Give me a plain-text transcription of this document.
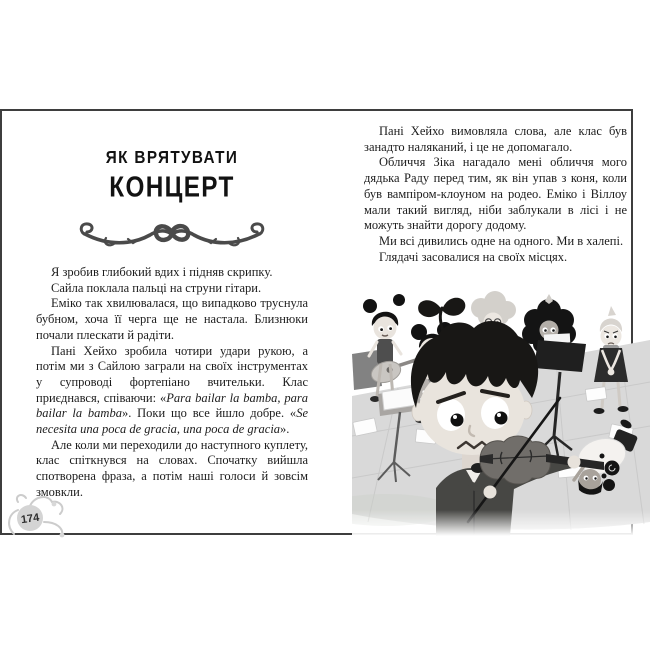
ЯК ВРЯТУВАТИ
КОНЦЕРТ

Я зробив глибокий вдих і підняв скрипку.

Сайла поклала пальці на струни гітари.

Еміко так хвилювалася, що випадково труснула бубном, хоча її черга ще не настала. Близнюки почали плескати й радіти.

Пані Хейхо зробила чотири удари рукою, а потім ми з Сайлою заграли на своїх інструментах у супроводі фортепіано вчительки. Клас приєднався, співаючи: «Para bailar la bamba, para bailar la bamba». Поки що все йшло добре. «Se necesita una poca de gracia, una poca de gracia».

Але коли ми переходили до наступного куплету, клас спіткнувся на словах. Спочатку вийшла спотворена фраза, а потім наші голоси й зовсім змовкли.

174

Пані Хейхо вимовляла слова, але клас був занадто наляканий, і це не допомагало.

Обличчя Зіка нагадало мені обличчя мого дядька Раду перед тим, як він упав з коня, коли був вампіром-клоуном на родео. Еміко і Віллоу мали такий вигляд, ніби заблукали в лісі і не можуть знайти дорогу додому.

Ми всі дивились одне на одного. Ми в халепі.

Глядачі засовалися на своїх місцях.
